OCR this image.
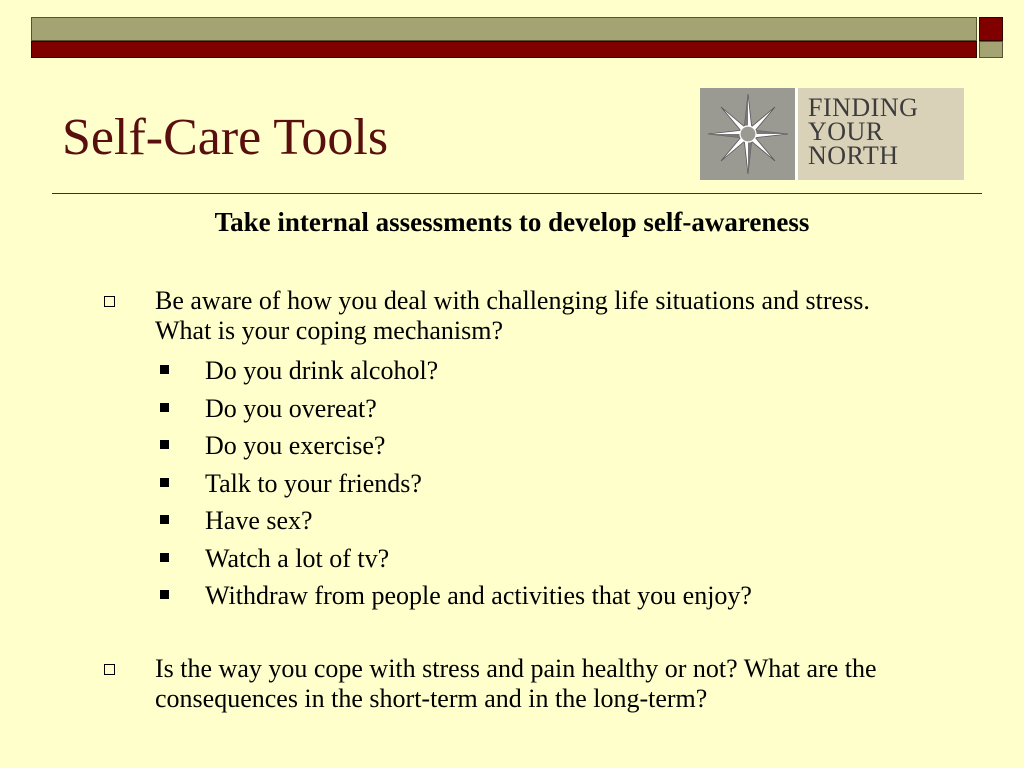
Self-Care Tools
FINDING
YOUR
NORTH
Take internal assessments to develop self-awareness
Be aware of how you deal with challenging life situations and stress. What is your coping mechanism?
Do you drink alcohol?
Do you overeat?
Do you exercise?
Talk to your friends?
Have sex?
Watch a lot of tv?
Withdraw from people and activities that you enjoy?
Is the way you cope with stress and pain healthy or not? What are the consequences in the short-term and in the long-term?
